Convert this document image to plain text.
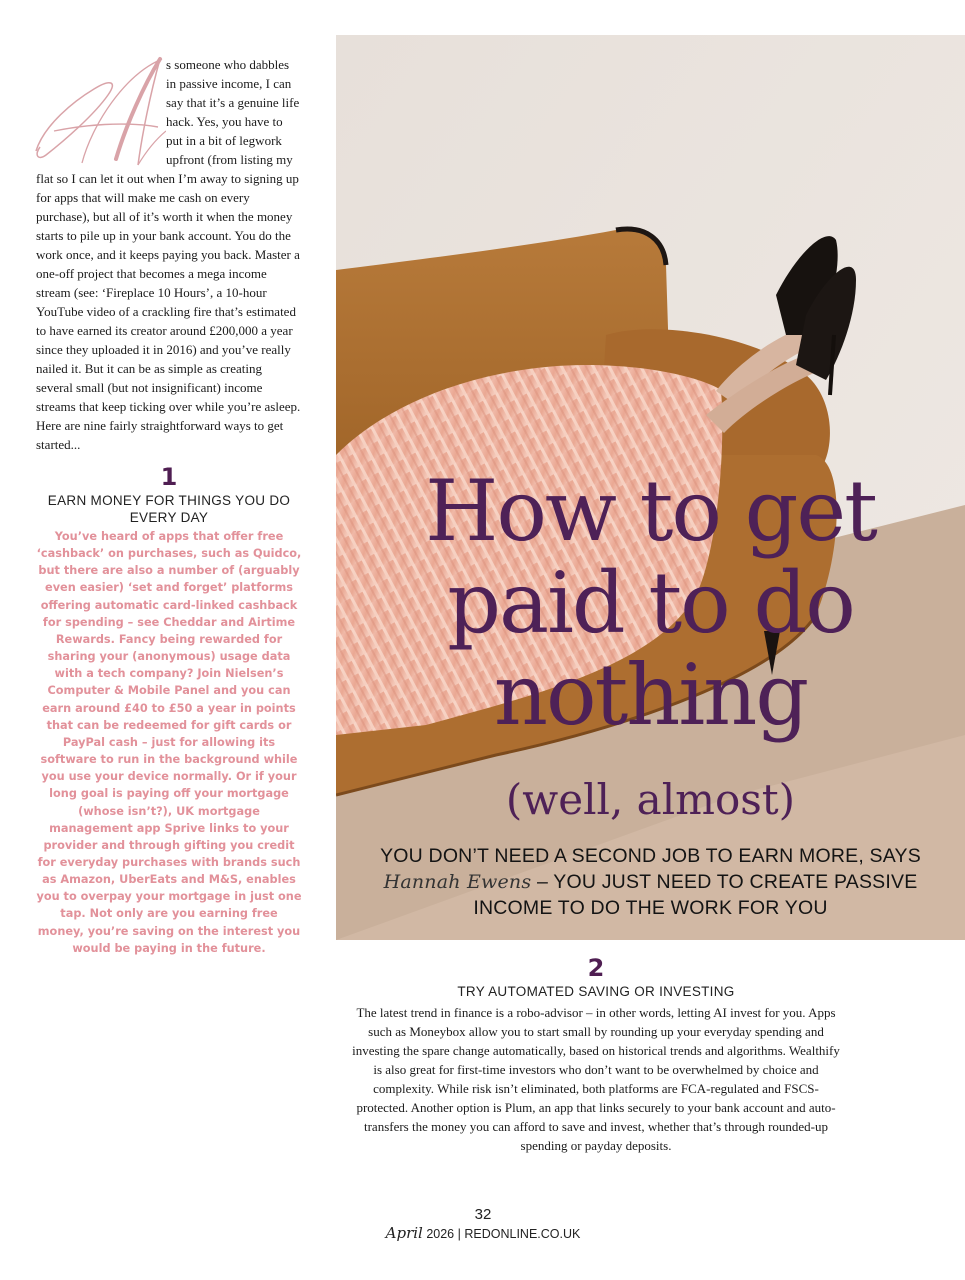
s someone who dabbles in passive income, I can say that it’s a genuine life hack. Yes, you have to put in a bit of legwork upfront (from listing my flat so I can let it out when I’m away to signing up for apps that will make me cash on every purchase), but all of it’s worth it when the money starts to pile up in your bank account. You do the work once, and it keeps paying you back. Master a one-off project that becomes a mega income stream (see: ‘Fireplace 10 Hours’, a 10-hour YouTube video of a crackling fire that’s estimated to have earned its creator around £200,000 a year since they uploaded it in 2016) and you’ve really nailed it. But it can be as simple as creating several small (but not insignificant) income streams that keep ticking over while you’re asleep. Here are nine fairly straightforward ways to get started...

1
EARN MONEY FOR THINGS YOU DO EVERY DAY
You’ve heard of apps that offer free ‘cashback’ on purchases, such as Quidco, but there are also a number of (arguably even easier) ‘set and forget’ platforms offering automatic card-linked cashback for spending – see Cheddar and Airtime Rewards. Fancy being rewarded for sharing your (anonymous) usage data with a tech company? Join Nielsen’s Computer & Mobile Panel and you can earn around £40 to £50 a year in points that can be redeemed for gift cards or PayPal cash – just for allowing its software to run in the background while you use your device normally. Or if your long goal is paying off your mortgage (whose isn’t?), UK mortgage management app Sprive links to your provider and through gifting you credit for everyday purchases with brands such as Amazon, UberEats and M&S, enables you to overpay your mortgage in just one tap. Not only are you earning free money, you’re saving on the interest you would be paying in the future.
How to get paid to do nothing
(well, almost)
YOU DON’T NEED A SECOND JOB TO EARN MORE, SAYS Hannah Ewens – YOU JUST NEED TO CREATE PASSIVE INCOME TO DO THE WORK FOR YOU
2
TRY AUTOMATED SAVING OR INVESTING
The latest trend in finance is a robo-advisor – in other words, letting AI invest for you. Apps such as Moneybox allow you to start small by rounding up your everyday spending and investing the spare change automatically, based on historical trends and algorithms. Wealthify is also great for first-time investors who don’t want to be overwhelmed by choice and complexity. While risk isn’t eliminated, both platforms are FCA-regulated and FSCS-protected. Another option is Plum, an app that links securely to your bank account and auto-transfers the money you can afford to save and invest, whether that’s through rounded-up spending or payday deposits.
32
April 2026 | REDONLINE.CO.UK
